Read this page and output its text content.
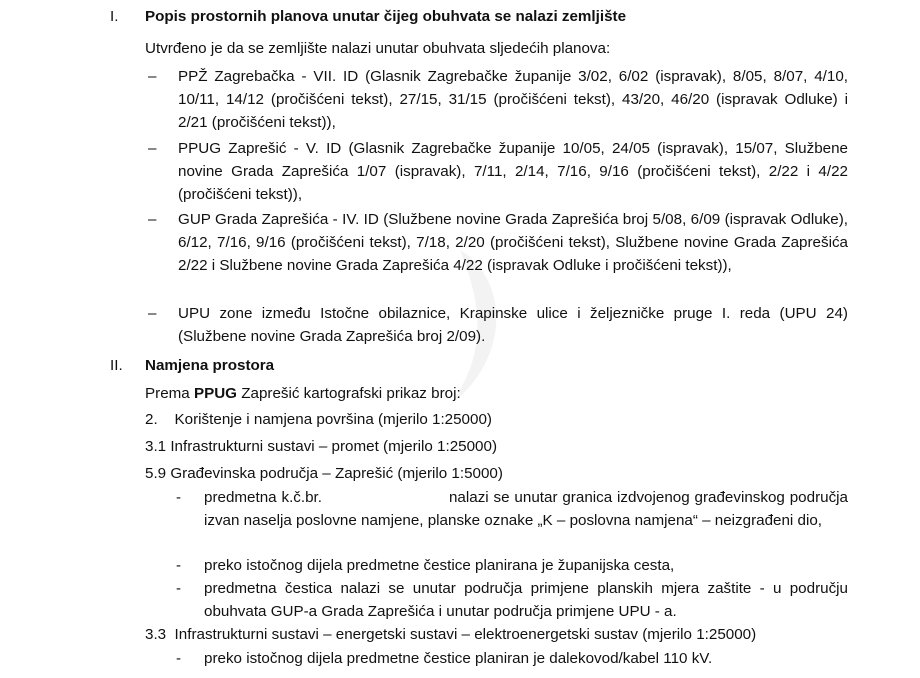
I. Popis prostornih planova unutar čijeg obuhvata se nalazi zemljište
Utvrđeno je da se zemljište nalazi unutar obuhvata sljedećih planova:
– PPŽ Zagrebačka - VII. ID (Glasnik Zagrebačke županije 3/02, 6/02 (ispravak), 8/05, 8/07, 4/10, 10/11, 14/12 (pročišćeni tekst), 27/15, 31/15 (pročišćeni tekst), 43/20, 46/20 (ispravak Odluke) i 2/21 (pročišćeni tekst)),
– PPUG Zaprešić - V. ID (Glasnik Zagrebačke županije 10/05, 24/05 (ispravak), 15/07, Službene novine Grada Zaprešića 1/07 (ispravak), 7/11, 2/14, 7/16, 9/16 (pročišćeni tekst), 2/22 i 4/22 (pročišćeni tekst)),
– GUP Grada Zaprešića - IV. ID (Službene novine Grada Zaprešića broj 5/08, 6/09 (ispravak Odluke), 6/12, 7/16, 9/16 (pročišćeni tekst), 7/18, 2/20 (pročišćeni tekst), Službene novine Grada Zaprešića 2/22 i Službene novine Grada Zaprešića 4/22 (ispravak Odluke i pročišćeni tekst)),
– UPU zone između Istočne obilaznice, Krapinske ulice i željezničke pruge I. reda (UPU 24) (Službene novine Grada Zaprešića broj 2/09).
II. Namjena prostora
Prema PPUG Zaprešić kartografski prikaz broj:
2.    Korištenje i namjena površina (mjerilo 1:25000)
3.1 Infrastrukturni sustavi – promet (mjerilo 1:25000)
5.9 Građevinska područja – Zaprešić (mjerilo 1:5000)
- predmetna k.č.br.	nalazi se unutar granica izdvojenog građevinskog područja izvan naselja poslovne namjene, planske oznake „K – poslovna namjena“ – neizgrađeni dio,
- preko istočnog dijela predmetne čestice planirana je županijska cesta,
- predmetna čestica nalazi se unutar područja primjene planskih mjera zaštite - u području obuhvata GUP-a Grada Zaprešića i unutar područja primjene UPU - a.
3.3  Infrastrukturni sustavi – energetski sustavi – elektroenergetski sustav (mjerilo 1:25000)
- preko istočnog dijela predmetne čestice planiran je dalekovod/kabel 110 kV.
